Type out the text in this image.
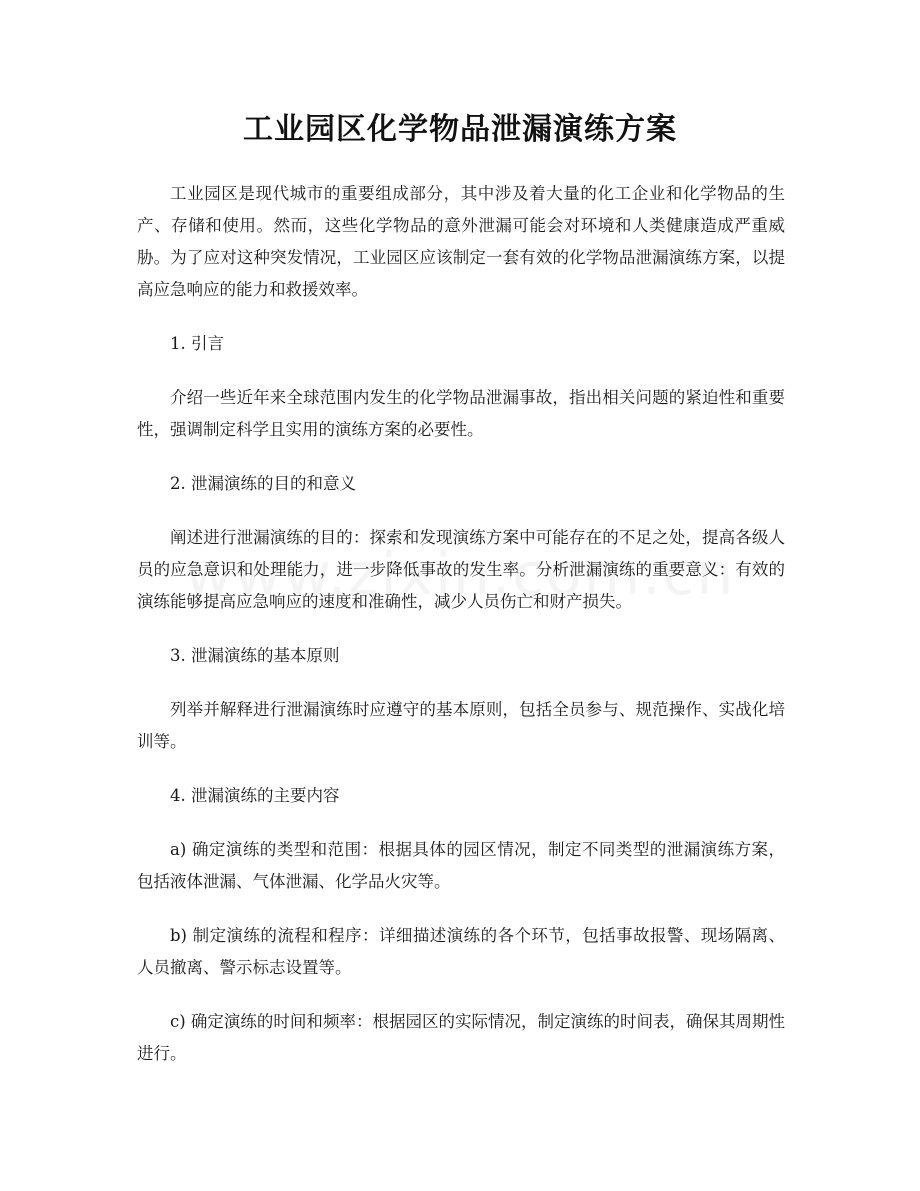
工业园区化学物品泄漏演练方案

工业园区是现代城市的重要组成部分，其中涉及着大量的化工企业和化学物品的生产、存储和使用。然而，这些化学物品的意外泄漏可能会对环境和人类健康造成严重威胁。为了应对这种突发情况，工业园区应该制定一套有效的化学物品泄漏演练方案，以提高应急响应的能力和救援效率。

1. 引言

介绍一些近年来全球范围内发生的化学物品泄漏事故，指出相关问题的紧迫性和重要性，强调制定科学且实用的演练方案的必要性。

2. 泄漏演练的目的和意义

阐述进行泄漏演练的目的：探索和发现演练方案中可能存在的不足之处，提高各级人员的应急意识和处理能力，进一步降低事故的发生率。分析泄漏演练的重要意义：有效的演练能够提高应急响应的速度和准确性，减少人员伤亡和财产损失。

3. 泄漏演练的基本原则

列举并解释进行泄漏演练时应遵守的基本原则，包括全员参与、规范操作、实战化培训等。

4. 泄漏演练的主要内容

a) 确定演练的类型和范围：根据具体的园区情况，制定不同类型的泄漏演练方案，包括液体泄漏、气体泄漏、化学品火灾等。

b) 制定演练的流程和程序：详细描述演练的各个环节，包括事故报警、现场隔离、人员撤离、警示标志设置等。

c) 确定演练的时间和频率：根据园区的实际情况，制定演练的时间表，确保其周期性进行。
